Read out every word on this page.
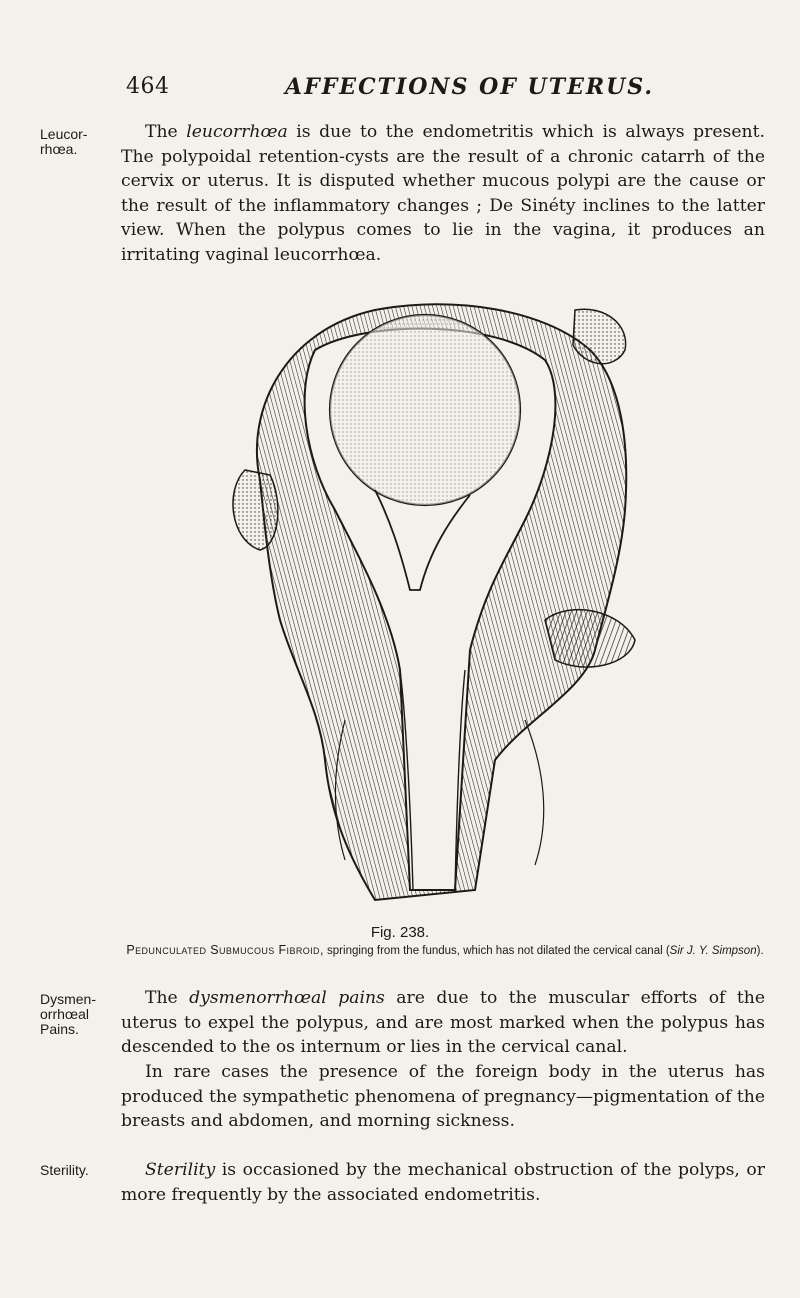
464	AFFECTIONS OF UTERUS.
Leucor-
rhœa.

The leucorrhœa is due to the endometritis which is always present. The polypoidal retention-cysts are the result of a chronic catarrh of the cervix or uterus. It is disputed whether mucous polypi are the cause or the result of the inflammatory changes ; De Sinéty inclines to the latter view. When the polypus comes to lie in the vagina, it produces an irritating vaginal leucorrhœa.

Fig. 238.
Pedunculated Submucous Fibroid, springing from the fundus, which has not dilated the cervical canal (Sir J. Y. Simpson).
Dysmen-
orrhœal
Pains.

The dysmenorrhœal pains are due to the muscular efforts of the uterus to expel the polypus, and are most marked when the polypus has descended to the os internum or lies in the cervical canal.

In rare cases the presence of the foreign body in the uterus has produced the sympathetic phenomena of pregnancy—pigmentation of the breasts and abdomen, and morning sickness.

Sterility.	Sterility is occasioned by the mechanical obstruction of the polyps, or more frequently by the associated endometritis.
